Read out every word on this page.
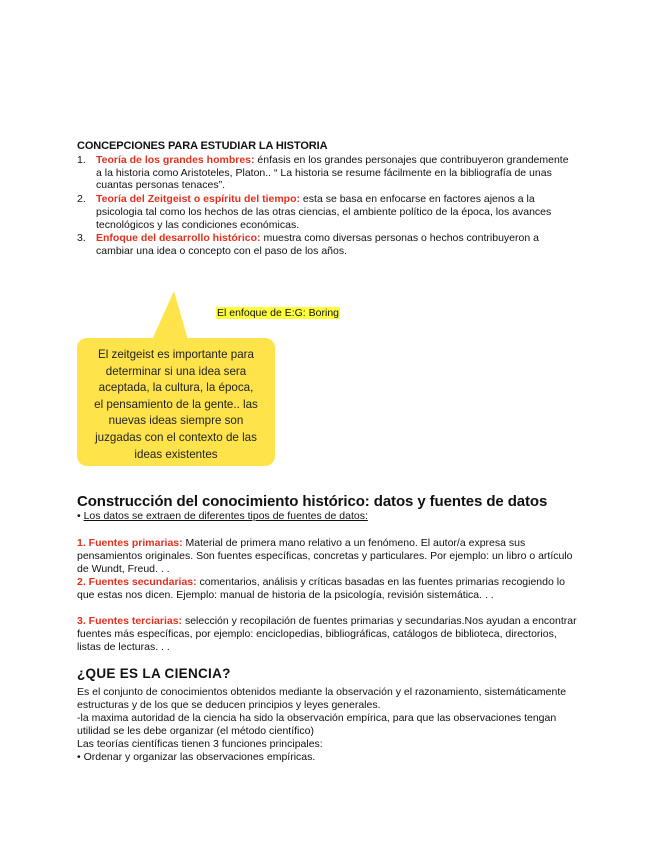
CONCEPCIONES PARA ESTUDIAR LA HISTORIA
1. Teoría de los grandes hombres: énfasis en los grandes personajes que contribuyeron grandemente a la historia como Aristoteles, Platon.. “ La historia se resume fácilmente en la bibliografía de unas cuantas personas tenaces”.
2. Teoría del Zeitgeist o espíritu del tiempo: esta se basa en enfocarse en factores ajenos a la psicologia tal como los hechos de las otras ciencias, el ambiente político de la época, los avances tecnológicos y las condiciones económicas.
3. Enfoque del desarrollo histórico: muestra como diversas personas o hechos contribuyeron a cambiar una idea o concepto con el paso de los años.
El enfoque de E:G: Boring
El zeitgeist es importante para
determinar si una idea sera
aceptada, la cultura, la época,
el pensamiento de la gente.. las
nuevas ideas siempre son
juzgadas con el contexto de las
ideas existentes
Construcción del conocimiento histórico: datos y fuentes de datos
• Los datos se extraen de diferentes tipos de fuentes de datos:
1. Fuentes primarias: Material de primera mano relativo a un fenómeno. El autor/a expresa sus pensamientos originales. Son fuentes específicas, concretas y particulares. Por ejemplo: un libro o artículo de Wundt, Freud. . .
2. Fuentes secundarias: comentarios, análisis y críticas basadas en las fuentes primarias recogiendo lo que estas nos dicen. Ejemplo: manual de historia de la psicología, revisión sistemática. . .
3. Fuentes terciarias: selección y recopilación de fuentes primarias y secundarias.Nos ayudan a encontrar fuentes más específicas, por ejemplo: enciclopedias, bibliográficas, catálogos de biblioteca, directorios, listas de lecturas. . .
¿QUE ES LA CIENCIA?
Es el conjunto de conocimientos obtenidos mediante la observación y el razonamiento, sistemáticamente estructuras y de los que se deducen principios y leyes generales.
-la maxima autoridad de la ciencia ha sido la observación empírica, para que las observaciones tengan utilidad se les debe organizar (el método científico)
Las teorías científicas tienen 3 funciones principales:
• Ordenar y organizar las observaciones empíricas.
